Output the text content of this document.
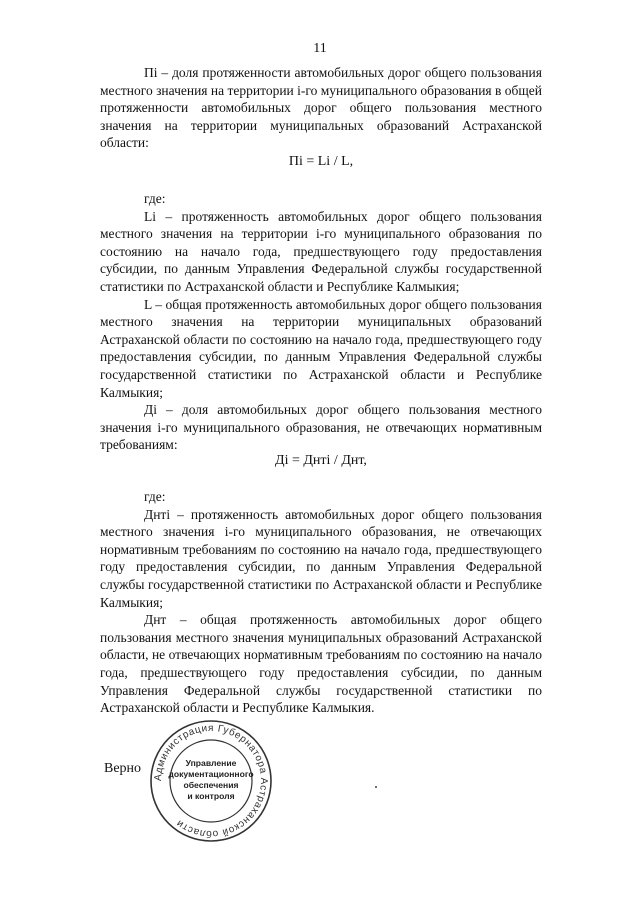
11

Пi – доля протяженности автомобильных дорог общего пользования местного значения на территории i-го муниципального образования в общей протяженности автомобильных дорог общего пользования местного значения на территории муниципальных образований Астраханской области:

Пi = Li / L,

где:

Li – протяженность автомобильных дорог общего пользования местного значения на территории i-го муниципального образования по состоянию на начало года, предшествующего году предоставления субсидии, по данным Управления Федеральной службы государственной статистики по Астраханской области и Республике Калмыкия;

L – общая протяженность автомобильных дорог общего пользования местного значения на территории муниципальных образований Астраханской области по состоянию на начало года, предшествующего году предоставления субсидии, по данным Управления Федеральной службы государственной статистики по Астраханской области и Республике Калмыкия;

Дi – доля автомобильных дорог общего пользования местного значения i-го муниципального образования, не отвечающих нормативным требованиям:

Дi = Днтi / Днт,

где:

Днтi – протяженность автомобильных дорог общего пользования местного значения i-го муниципального образования, не отвечающих нормативным требованиям по состоянию на начало года, предшествующего году предоставления субсидии, по данным Управления Федеральной службы государственной статистики по Астраханской области и Республике Калмыкия;

Днт – общая протяженность автомобильных дорог общего пользования местного значения муниципальных образований Астраханской области, не отвечающих нормативным требованиям по состоянию на начало года, предшествующего году предоставления субсидии, по данным Управления Федеральной службы государственной статистики по Астраханской области и Республике Калмыкия.

Верно
Администрация Губернатора Астраханской области
Управление
документационного
обеспечения
и контроля
